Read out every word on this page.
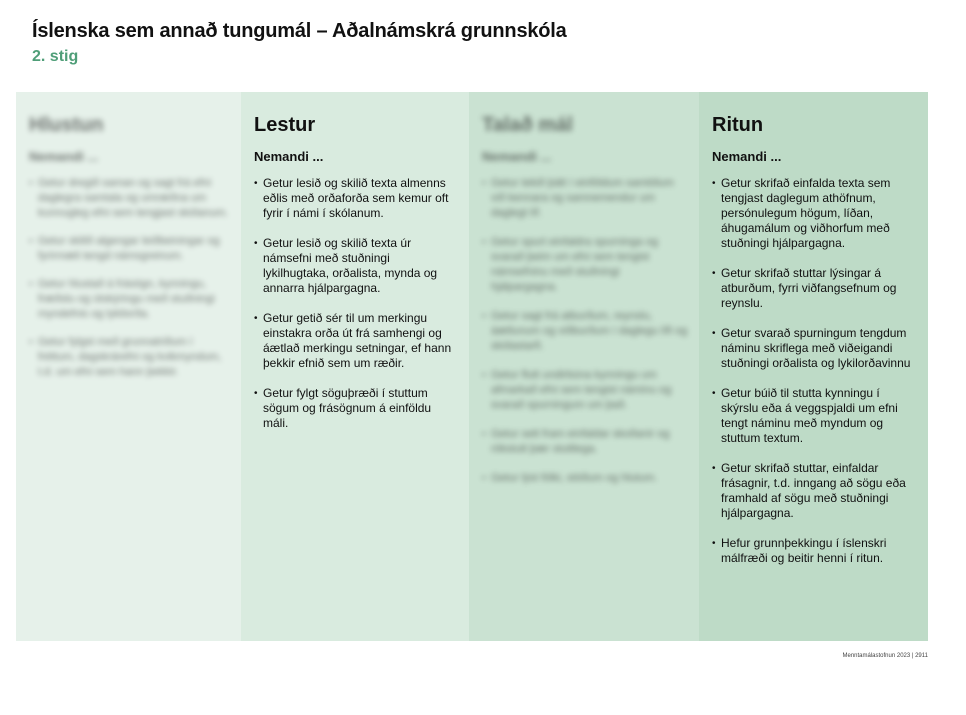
Íslenska sem annað tungumál – Aðalnámskrá grunnskóla
2. stig
Hlustun
Nemandi ...
• Getur dregið saman og sagt frá efni daglegra samtala og umræðna um kunnugleg efni sem tengjast skólanum.
• Getur skilið algengar leiðbeiningar og fyrirmæli tengd námsgreinum.
• Getur hlustað á frásögn, kynningu, fræðslu og útskýringu með stuðningi myndefnis og lykilorða.
• Getur fylgst með grunnatriðum í fréttum, dagskrárefni og kvikmyndum, t.d. um efni sem hann þekkir.
Lestur
Nemandi ...
• Getur lesið og skilið texta almenns eðlis með orðaforða sem kemur oft fyrir í námi í skólanum.
• Getur lesið og skilið texta úr námsefni með stuðningi lykilhugtaka, orðalista, mynda og annarra hjálpargagna.
• Getur getið sér til um merkingu einstakra orða út frá samhengi og áætlað merkingu setningar, ef hann þekkir efnið sem um ræðir.
• Getur fylgt söguþræði í stuttum sögum og frásögnum á einföldu máli.
Talað mál
Nemandi ...
• Getur tekið þátt í einföldum samtölum við kennara og samnemendur um daglegt líf.
• Getur spurt einfaldra spurninga og svarað þeim um efni sem tengist námsefninu með stuðningi hjálpargagna.
• Getur sagt frá atburðum, reynslu, áætlunum og viðburðum í daglegu lífi og skólastarfi.
• Getur flutt undirbúna kynningu um afmarkað efni sem tengist náminu og svarað spurningum um það.
• Getur sett fram einfaldar skoðanir og rökstutt þær stuttlega.
• Getur lýst fólki, stöðum og hlutum.
Ritun
Nemandi ...
• Getur skrifað einfalda texta sem tengjast daglegum athöfnum, persónulegum högum, líðan, áhugamálum og viðhorfum með stuðningi hjálpargagna.
• Getur skrifað stuttar lýsingar á atburðum, fyrri viðfangsefnum og reynslu.
• Getur svarað spurningum tengdum náminu skriflega með viðeigandi stuðningi orðalista og lykilorðavinnu
• Getur búið til stutta kynningu í skýrslu eða á veggspjaldi um efni tengt náminu með myndum og stuttum textum.
• Getur skrifað stuttar, einfaldar frásagnir, t.d. inngang að sögu eða framhald af sögu með stuðningi hjálpargagna.
• Hefur grunnþekkingu í íslenskri málfræði og beitir henni í ritun.
Menntamálastofnun 2023 | 2911
